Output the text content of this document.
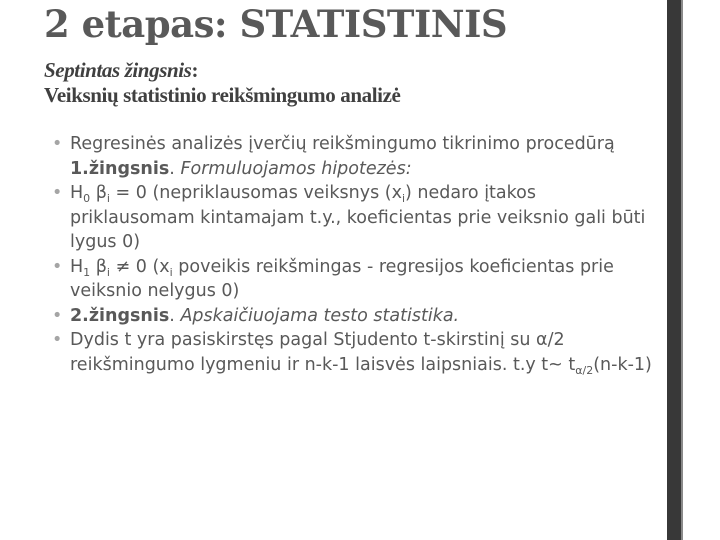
2 etapas: STATISTINIS
Septintas žingsnis:
Veiksnių statistinio reikšmingumo analizė
• Regresinės analizės įverčių reikšmingumo tikrinimo procedūrą 1.žingsnis. Formuluojamos hipotezės:
• $H_0$ $\beta_i = 0$ (nepriklausomas veiksnys $(x_i)$ nedaro įtakos priklausomam kintamajam t.y., koeficientas prie veiksnio gali būti lygus 0)
• $H_1$ $\beta_i \ne 0$ ($x_i$ poveikis reikšmingas - regresijos koeficientas prie veiksnio nelygus 0)
• 2.žingsnis. Apskaičiuojama testo statistika.
• Dydis t yra pasiskirstęs pagal Stjudento t-skirstinį su α/2 reikšmingumo lygmeniu ir n-k-1 laisvės laipsniais. t.y t~ $t_{\alpha/2}(n-k-1)$
